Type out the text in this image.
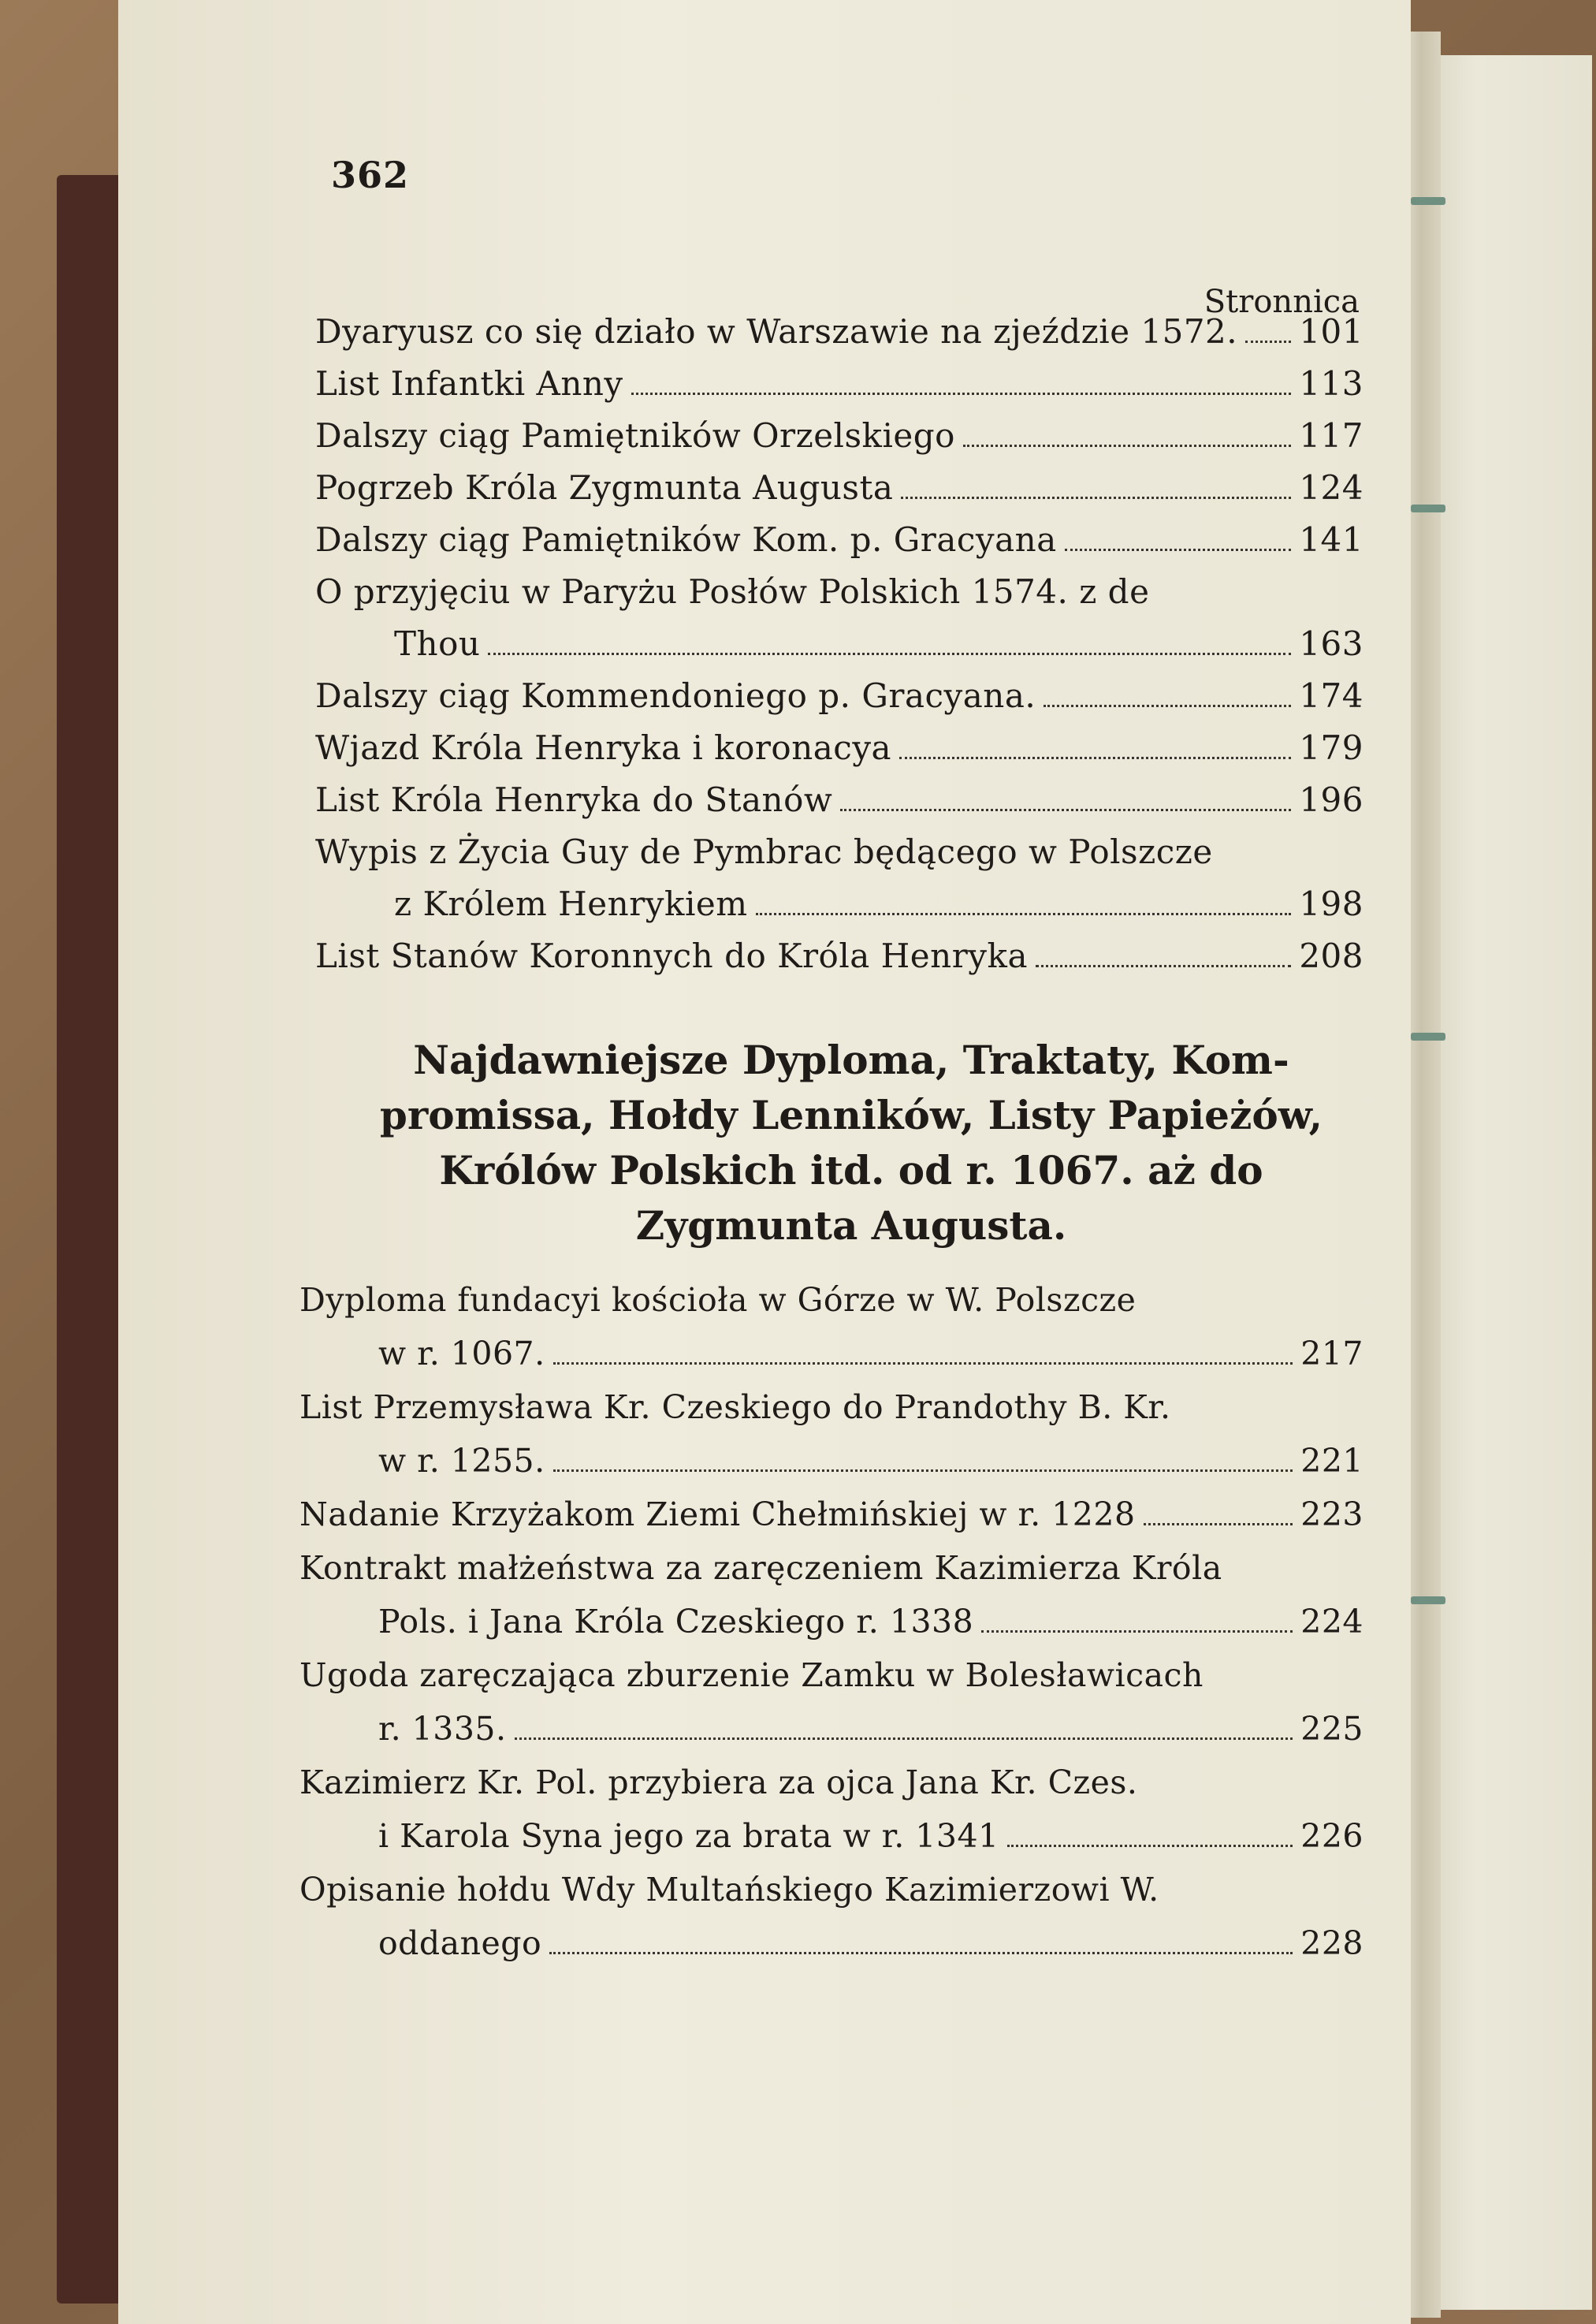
362
Stronnica
Dyaryusz co się działo w Warszawie na zjeździe 1572. 101
List Infantki Anny	113
Dalszy ciąg Pamiętników Orzelskiego	117
Pogrzeb Króla Zygmunta Augusta	124
Dalszy ciąg Pamiętników Kom. p. Gracyana	141
O przyjęciu w Paryżu Posłów Polskich 1574. z de
Thou	163
Dalszy ciąg Kommendoniego p. Gracyana.	174
Wjazd Króla Henryka i koronacya	179
List Króla Henryka do Stanów	196
Wypis z Życia Guy de Pymbrac będącego w Polszcze
z Królem Henrykiem	198
List Stanów Koronnych do Króla Henryka	208
Najdawniejsze Dyploma, Traktaty, Kom-
promissa, Hołdy Lenników, Listy Papieżów,
Królów Polskich itd. od r. 1067. aż do
Zygmunta Augusta.
Dyploma fundacyi kościoła w Górze w W. Polszcze
w r. 1067.	217
List Przemysława Kr. Czeskiego do Prandothy B. Kr.
w r. 1255.	221
Nadanie Krzyżakom Ziemi Chełmińskiej w r. 1228	223
Kontrakt małżeństwa za zaręczeniem Kazimierza Króla
Pols. i Jana Króla Czeskiego r. 1338	224
Ugoda zaręczająca zburzenie Zamku w Bolesławicach
r. 1335.	225
Kazimierz Kr. Pol. przybiera za ojca Jana Kr. Czes.
i Karola Syna jego za brata w r. 1341	226
Opisanie hołdu Wdy Multańskiego Kazimierzowi W.
oddanego	228
